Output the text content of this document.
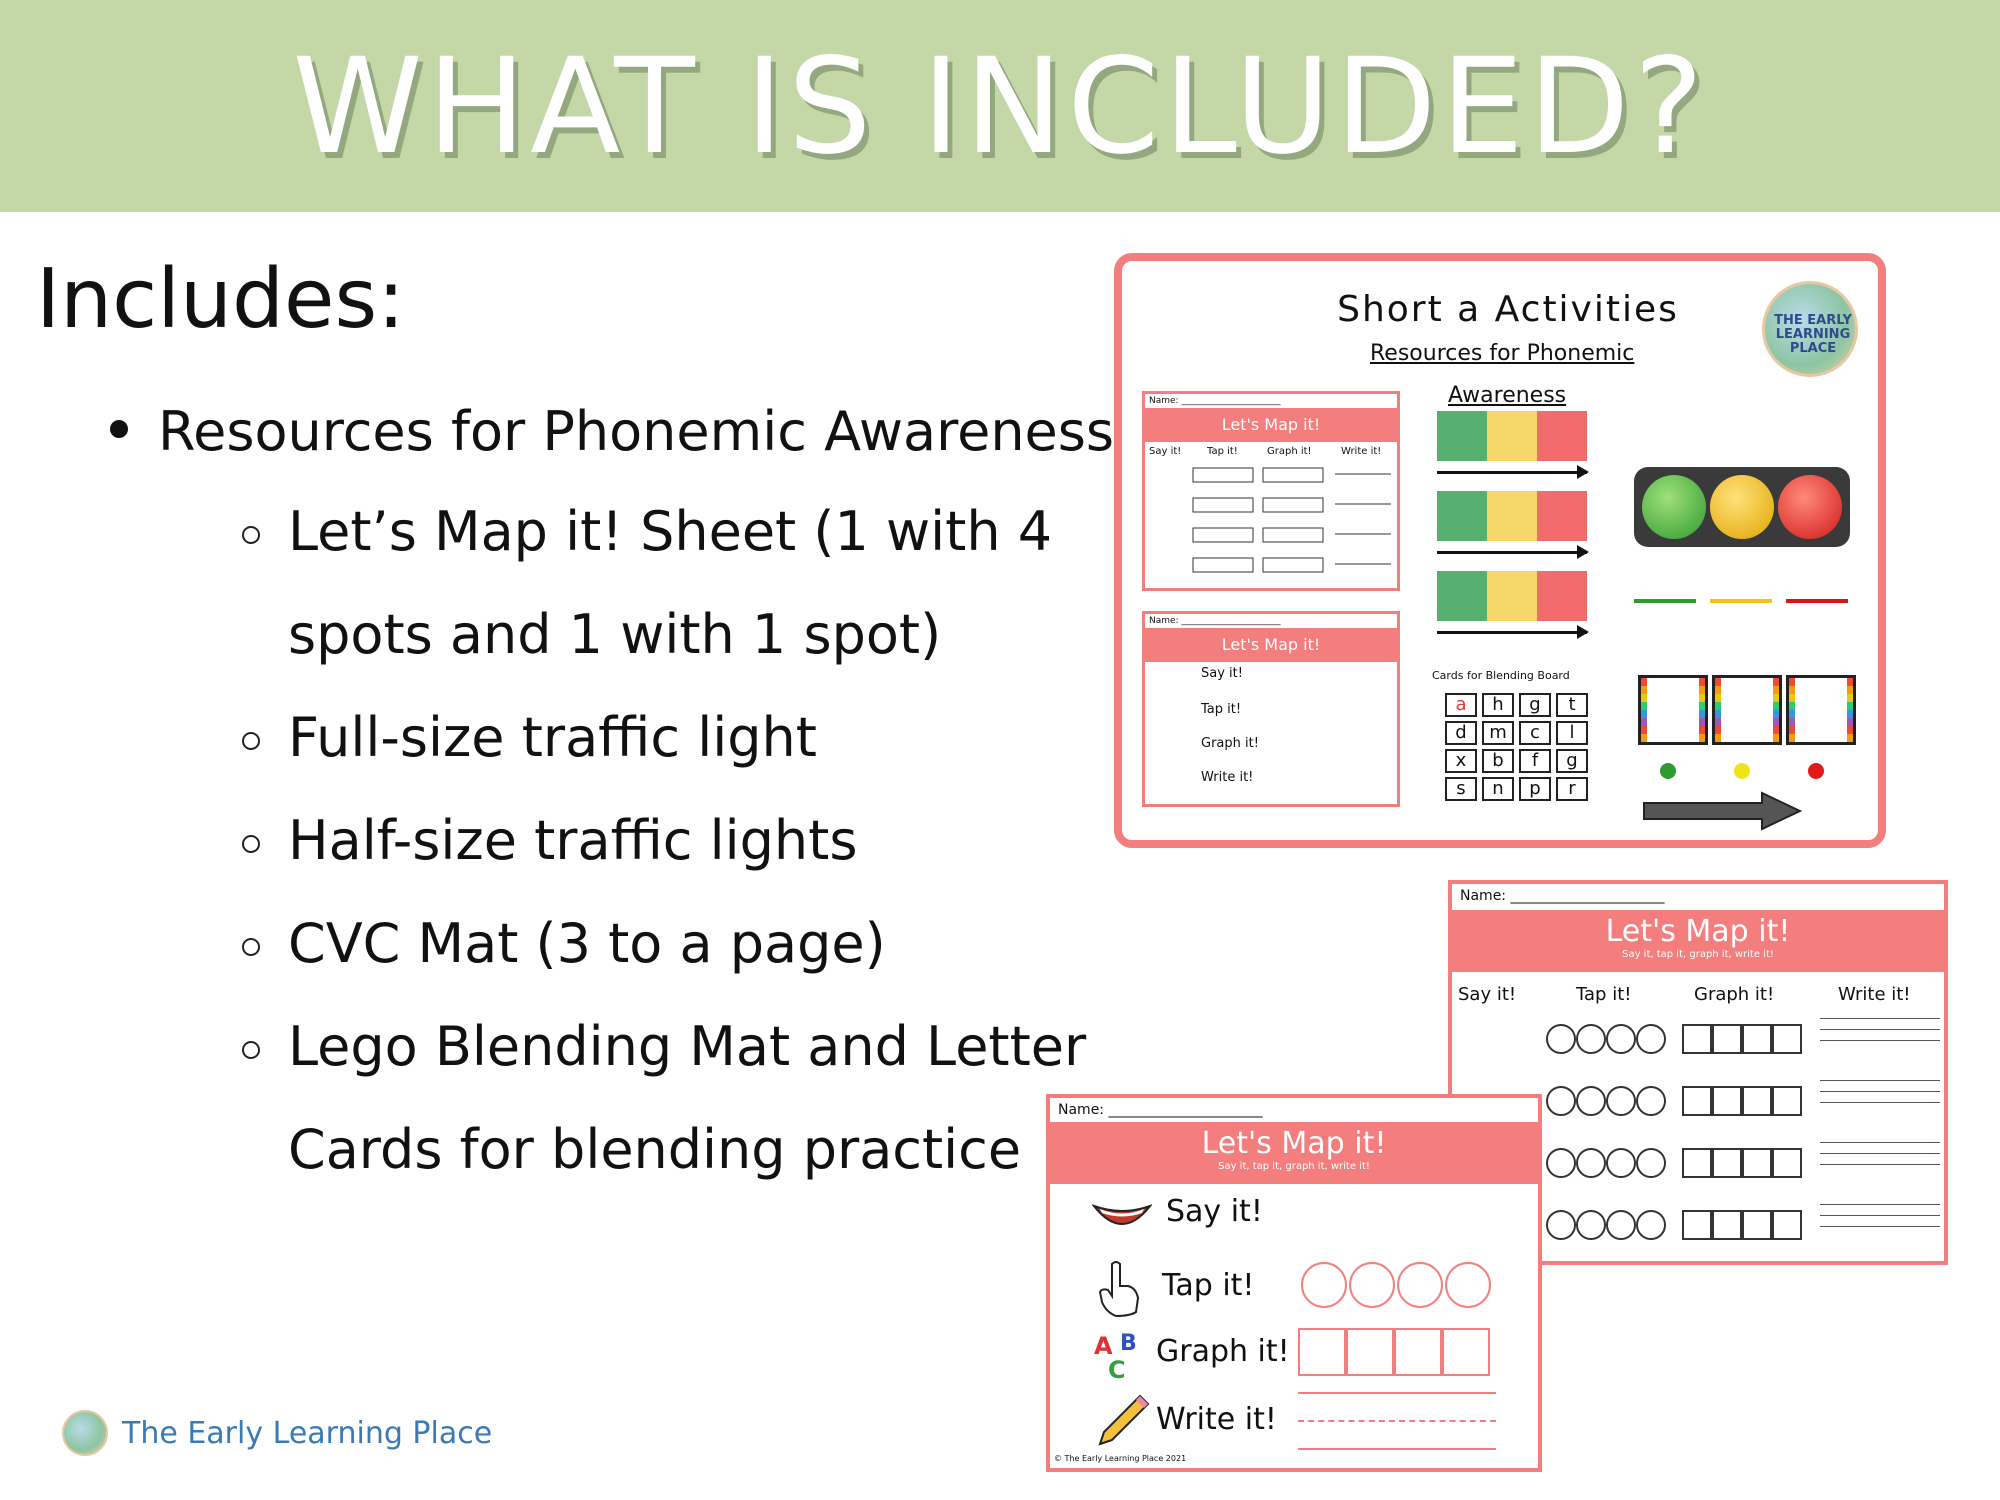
WHAT IS INCLUDED?
Includes:
Resources for Phonemic Awareness
Let’s Map it! Sheet (1 with 4
spots and 1 with 1 spot)
Full-size traffic light
Half-size traffic lights
CVC Mat (3 to a page)
Lego Blending Mat and Letter
Cards for blending practice
Short a Activities
Resources for Phonemic
Awareness
THE EARLY LEARNING PLACE
Name: ______________________
Let's Map it!
Say it!	Tap it!	Graph it!	Write it!
Name: ______________________
Let's Map it!
Say it!
Tap it!
Graph it!
Write it!
Cards for Blending Board
a	h	g	t
d	m	c	l
x	b	f	g
s	n	p	r
Name: ______________________
Let's Map it!
Say it, tap it, graph it, write it!
Say it!	Tap it!	Graph it!	Write it!
Name: ______________________
Let's Map it!
Say it, tap it, graph it, write it!
Say it!
Tap it!
A B
C
Graph it!
Write it!
© The Early Learning Place 2021
The Early Learning Place
